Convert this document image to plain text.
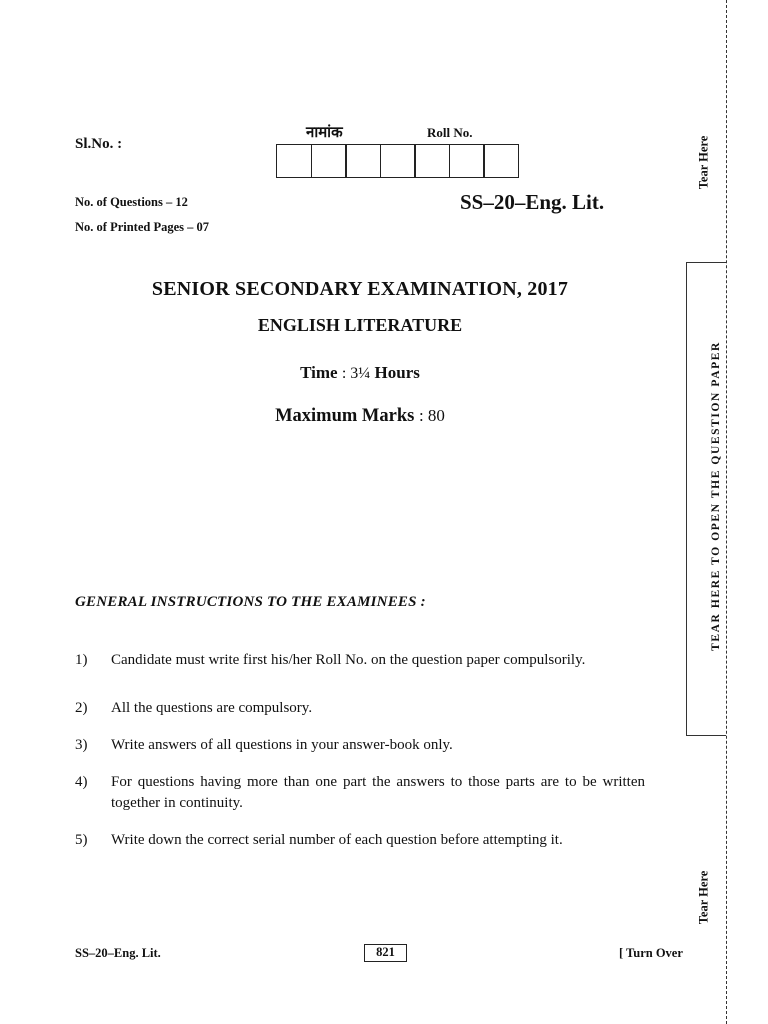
Sl.No. :
नामांक	Roll No.
No. of Questions – 12
No. of Printed Pages – 07
SS–20–Eng. Lit.
SENIOR SECONDARY EXAMINATION, 2017
ENGLISH LITERATURE
Time : 3¼ Hours
Maximum Marks : 80
GENERAL INSTRUCTIONS TO THE EXAMINEES :
1)	Candidate must write first his/her Roll No. on the question paper compulsorily.
2)	All the questions are compulsory.
3)	Write answers of all questions in your answer-book only.
4)	For questions having more than one part the answers to those parts are to be written together in continuity.
5)	Write down the correct serial number of each question before attempting it.
SS–20–Eng. Lit.	821	[ Turn Over
Tear Here
TEAR HERE TO OPEN THE QUESTION PAPER
Tear Here
